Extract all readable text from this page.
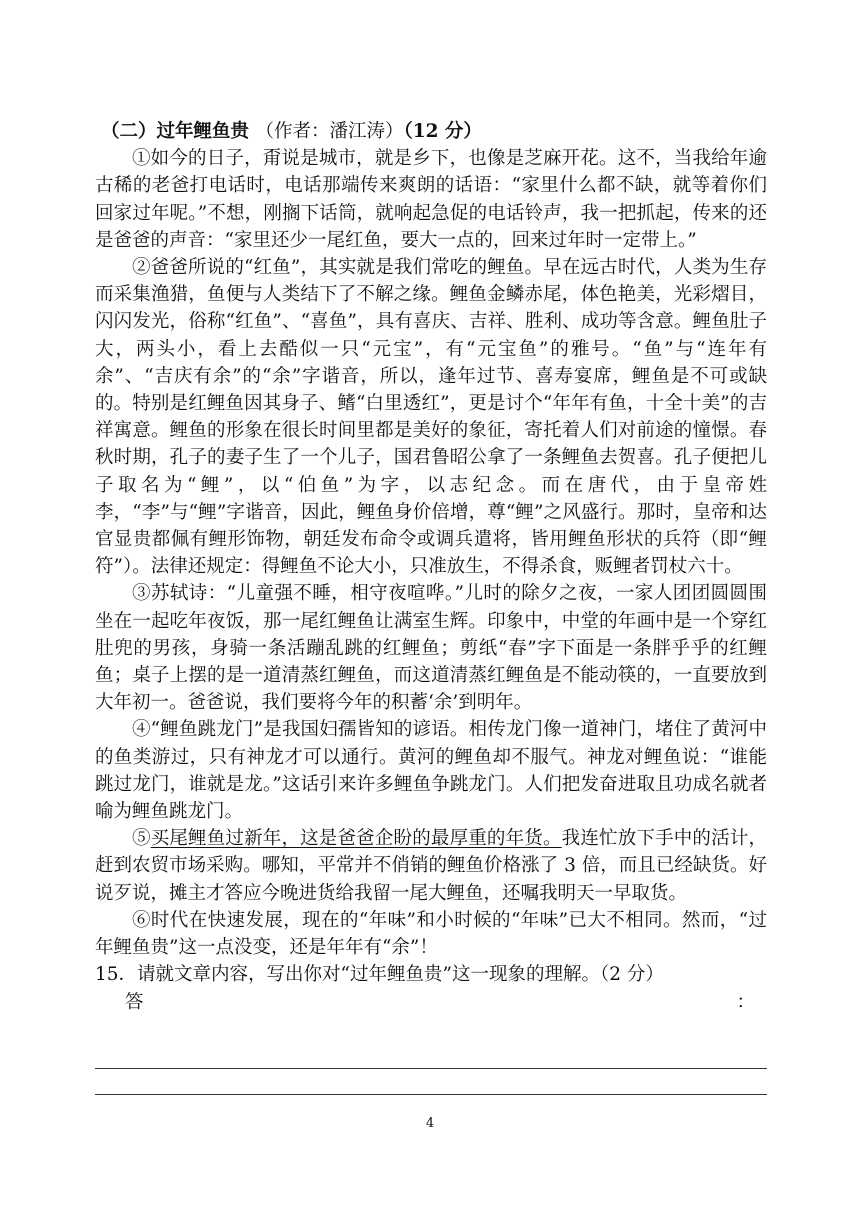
（二）过年鲤鱼贵 （作者：潘江涛）（12 分）

①如今的日子，甭说是城市，就是乡下，也像是芝麻开花。这不，当我给年逾古稀的老爸打电话时，电话那端传来爽朗的话语：“家里什么都不缺，就等着你们回家过年呢。”不想，刚搁下话筒，就响起急促的电话铃声，我一把抓起，传来的还是爸爸的声音：“家里还少一尾红鱼，要大一点的，回来过年时一定带上。”

②爸爸所说的“红鱼”，其实就是我们常吃的鲤鱼。早在远古时代，人类为生存而采集渔猎，鱼便与人类结下了不解之缘。鲤鱼金鳞赤尾，体色艳美，光彩熠目，闪闪发光，俗称“红鱼”、“喜鱼”，具有喜庆、吉祥、胜利、成功等含意。鲤鱼肚子大，两头小，看上去酷似一只“元宝”，有“元宝鱼”的雅号。“鱼”与“连年有余”、“吉庆有余”的“余”字谐音，所以，逢年过节、喜寿宴席，鲤鱼是不可或缺的。特别是红鲤鱼因其身子、鳍“白里透红”，更是讨个“年年有鱼，十全十美”的吉祥寓意。鲤鱼的形象在很长时间里都是美好的象征，寄托着人们对前途的憧憬。春秋时期，孔子的妻子生了一个儿子，国君鲁昭公拿了一条鲤鱼去贺喜。孔子便把儿子取名为“鲤”，以“伯鱼”为字，以志纪念。而在唐代，由于皇帝姓李，“李”与“鲤”字谐音，因此，鲤鱼身价倍增，尊“鲤”之风盛行。那时，皇帝和达官显贵都佩有鲤形饰物，朝廷发布命令或调兵遣将，皆用鲤鱼形状的兵符（即“鲤符”）。法律还规定：得鲤鱼不论大小，只准放生，不得杀食，贩鲤者罚杖六十。

③苏轼诗：“儿童强不睡，相守夜喧哗。”儿时的除夕之夜，一家人团团圆圆围坐在一起吃年夜饭，那一尾红鲤鱼让满室生辉。印象中，中堂的年画中是一个穿红肚兜的男孩，身骑一条活蹦乱跳的红鲤鱼；剪纸“春”字下面是一条胖乎乎的红鲤鱼；桌子上摆的是一道清蒸红鲤鱼，而这道清蒸红鲤鱼是不能动筷的，一直要放到大年初一。爸爸说，我们要将今年的积蓄‘余’到明年。

④“鲤鱼跳龙门”是我国妇孺皆知的谚语。相传龙门像一道神门，堵住了黄河中的鱼类游过，只有神龙才可以通行。黄河的鲤鱼却不服气。神龙对鲤鱼说：“谁能跳过龙门，谁就是龙。”这话引来许多鲤鱼争跳龙门。人们把发奋进取且功成名就者喻为鲤鱼跳龙门。

⑤买尾鲤鱼过新年，这是爸爸企盼的最厚重的年货。我连忙放下手中的活计，赶到农贸市场采购。哪知，平常并不俏销的鲤鱼价格涨了 3 倍，而且已经缺货。好说歹说，摊主才答应今晚进货给我留一尾大鲤鱼，还嘱我明天一早取货。

⑥时代在快速发展，现在的“年味”和小时候的“年味”已大不相同。然而，“过年鲤鱼贵”这一点没变，还是年年有“余”！

15．请就文章内容，写出你对“过年鲤鱼贵”这一现象的理解。（2 分）

答	：

4
